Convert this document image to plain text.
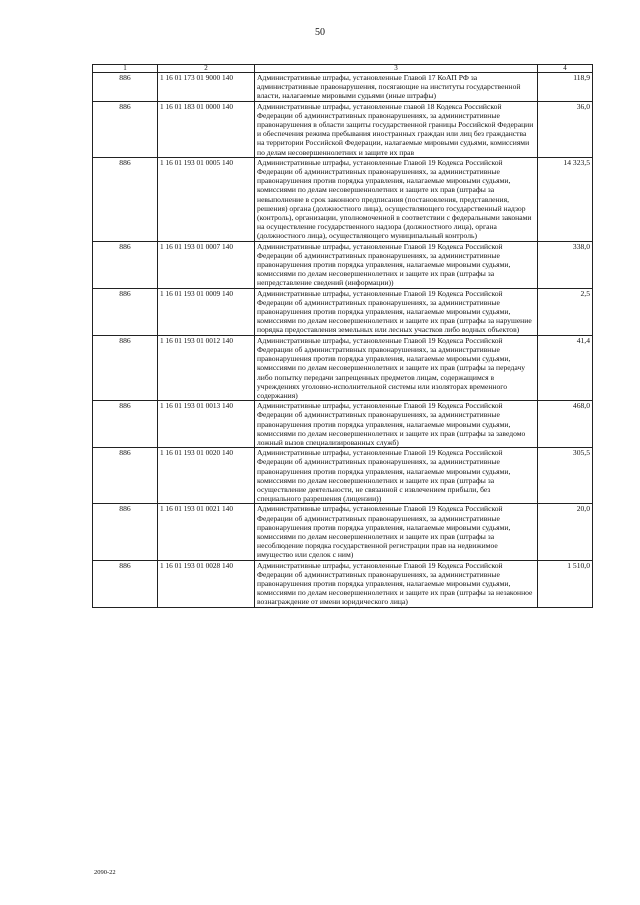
50
1	2	3	4
886	1 16 01 173 01 9000 140	Административные штрафы, установленные Главой 17 КоАП РФ за административные правонарушения, посягающие на институты государственной власти, налагаемые мировыми судьями (иные штрафы)	118,9
886	1 16 01 183 01 0000 140	Административные штрафы, установленные главой 18 Кодекса Российской Федерации об административных правонарушениях, за административные правонарушения в области защиты государственной границы Российской Федерации и обеспечения режима пребывания иностранных граждан или лиц без гражданства на территории Российской Федерации, налагаемые мировыми судьями, комиссиями по делам несовершеннолетних и защите их прав	36,0
886	1 16 01 193 01 0005 140	Административные штрафы, установленные Главой 19 Кодекса Российской Федерации об административных правонарушениях, за административные правонарушения против порядка управления, налагаемые мировыми судьями, комиссиями по делам несовершеннолетних и защите их прав (штрафы за невыполнение в срок законного предписания (постановления, представления, решения) органа (должностного лица), осуществляющего государственный надзор (контроль), организации, уполномоченной в соответствии с федеральными законами на осуществление государственного надзора (должностного лица), органа (должностного лица), осуществляющего муниципальный контроль)	14 323,5
886	1 16 01 193 01 0007 140	Административные штрафы, установленные Главой 19 Кодекса Российской Федерации об административных правонарушениях, за административные правонарушения против порядка управления, налагаемые мировыми судьями, комиссиями по делам несовершеннолетних и защите их прав (штрафы за непредставление сведений (информации))	338,0
886	1 16 01 193 01 0009 140	Административные штрафы, установленные Главой 19 Кодекса Российской Федерации об административных правонарушениях, за административные правонарушения против порядка управления, налагаемые мировыми судьями, комиссиями по делам несовершеннолетних и защите их прав (штрафы за нарушение порядка предоставления земельных или лесных участков либо водных объектов)	2,5
886	1 16 01 193 01 0012 140	Административные штрафы, установленные Главой 19 Кодекса Российской Федерации об административных правонарушениях, за административные правонарушения против порядка управления, налагаемые мировыми судьями, комиссиями по делам несовершеннолетних и защите их прав (штрафы за передачу либо попытку передачи запрещенных предметов лицам, содержащимся в учреждениях уголовно-исполнительной системы или изоляторах временного содержания)	41,4
886	1 16 01 193 01 0013 140	Административные штрафы, установленные Главой 19 Кодекса Российской Федерации об административных правонарушениях, за административные правонарушения против порядка управления, налагаемые мировыми судьями, комиссиями по делам несовершеннолетних и защите их прав (штрафы за заведомо ложный вызов специализированных служб)	468,0
886	1 16 01 193 01 0020 140	Административные штрафы, установленные Главой 19 Кодекса Российской Федерации об административных правонарушениях, за административные правонарушения против порядка управления, налагаемые мировыми судьями, комиссиями по делам несовершеннолетних и защите их прав (штрафы за осуществление деятельности, не связанной с извлечением прибыли, без специального разрешения (лицензии))	305,5
886	1 16 01 193 01 0021 140	Административные штрафы, установленные Главой 19 Кодекса Российской Федерации об административных правонарушениях, за административные правонарушения против порядка управления, налагаемые мировыми судьями, комиссиями по делам несовершеннолетних и защите их прав (штрафы за несоблюдение порядка государственной регистрации прав на недвижимое имущество или сделок с ним)	20,0
886	1 16 01 193 01 0028 140	Административные штрафы, установленные Главой 19 Кодекса Российской Федерации об административных правонарушениях, за административные правонарушения против порядка управления, налагаемые мировыми судьями, комиссиями по делам несовершеннолетних и защите их прав (штрафы за незаконное вознаграждение от имени юридического лица)	1 510,0
2090-22
